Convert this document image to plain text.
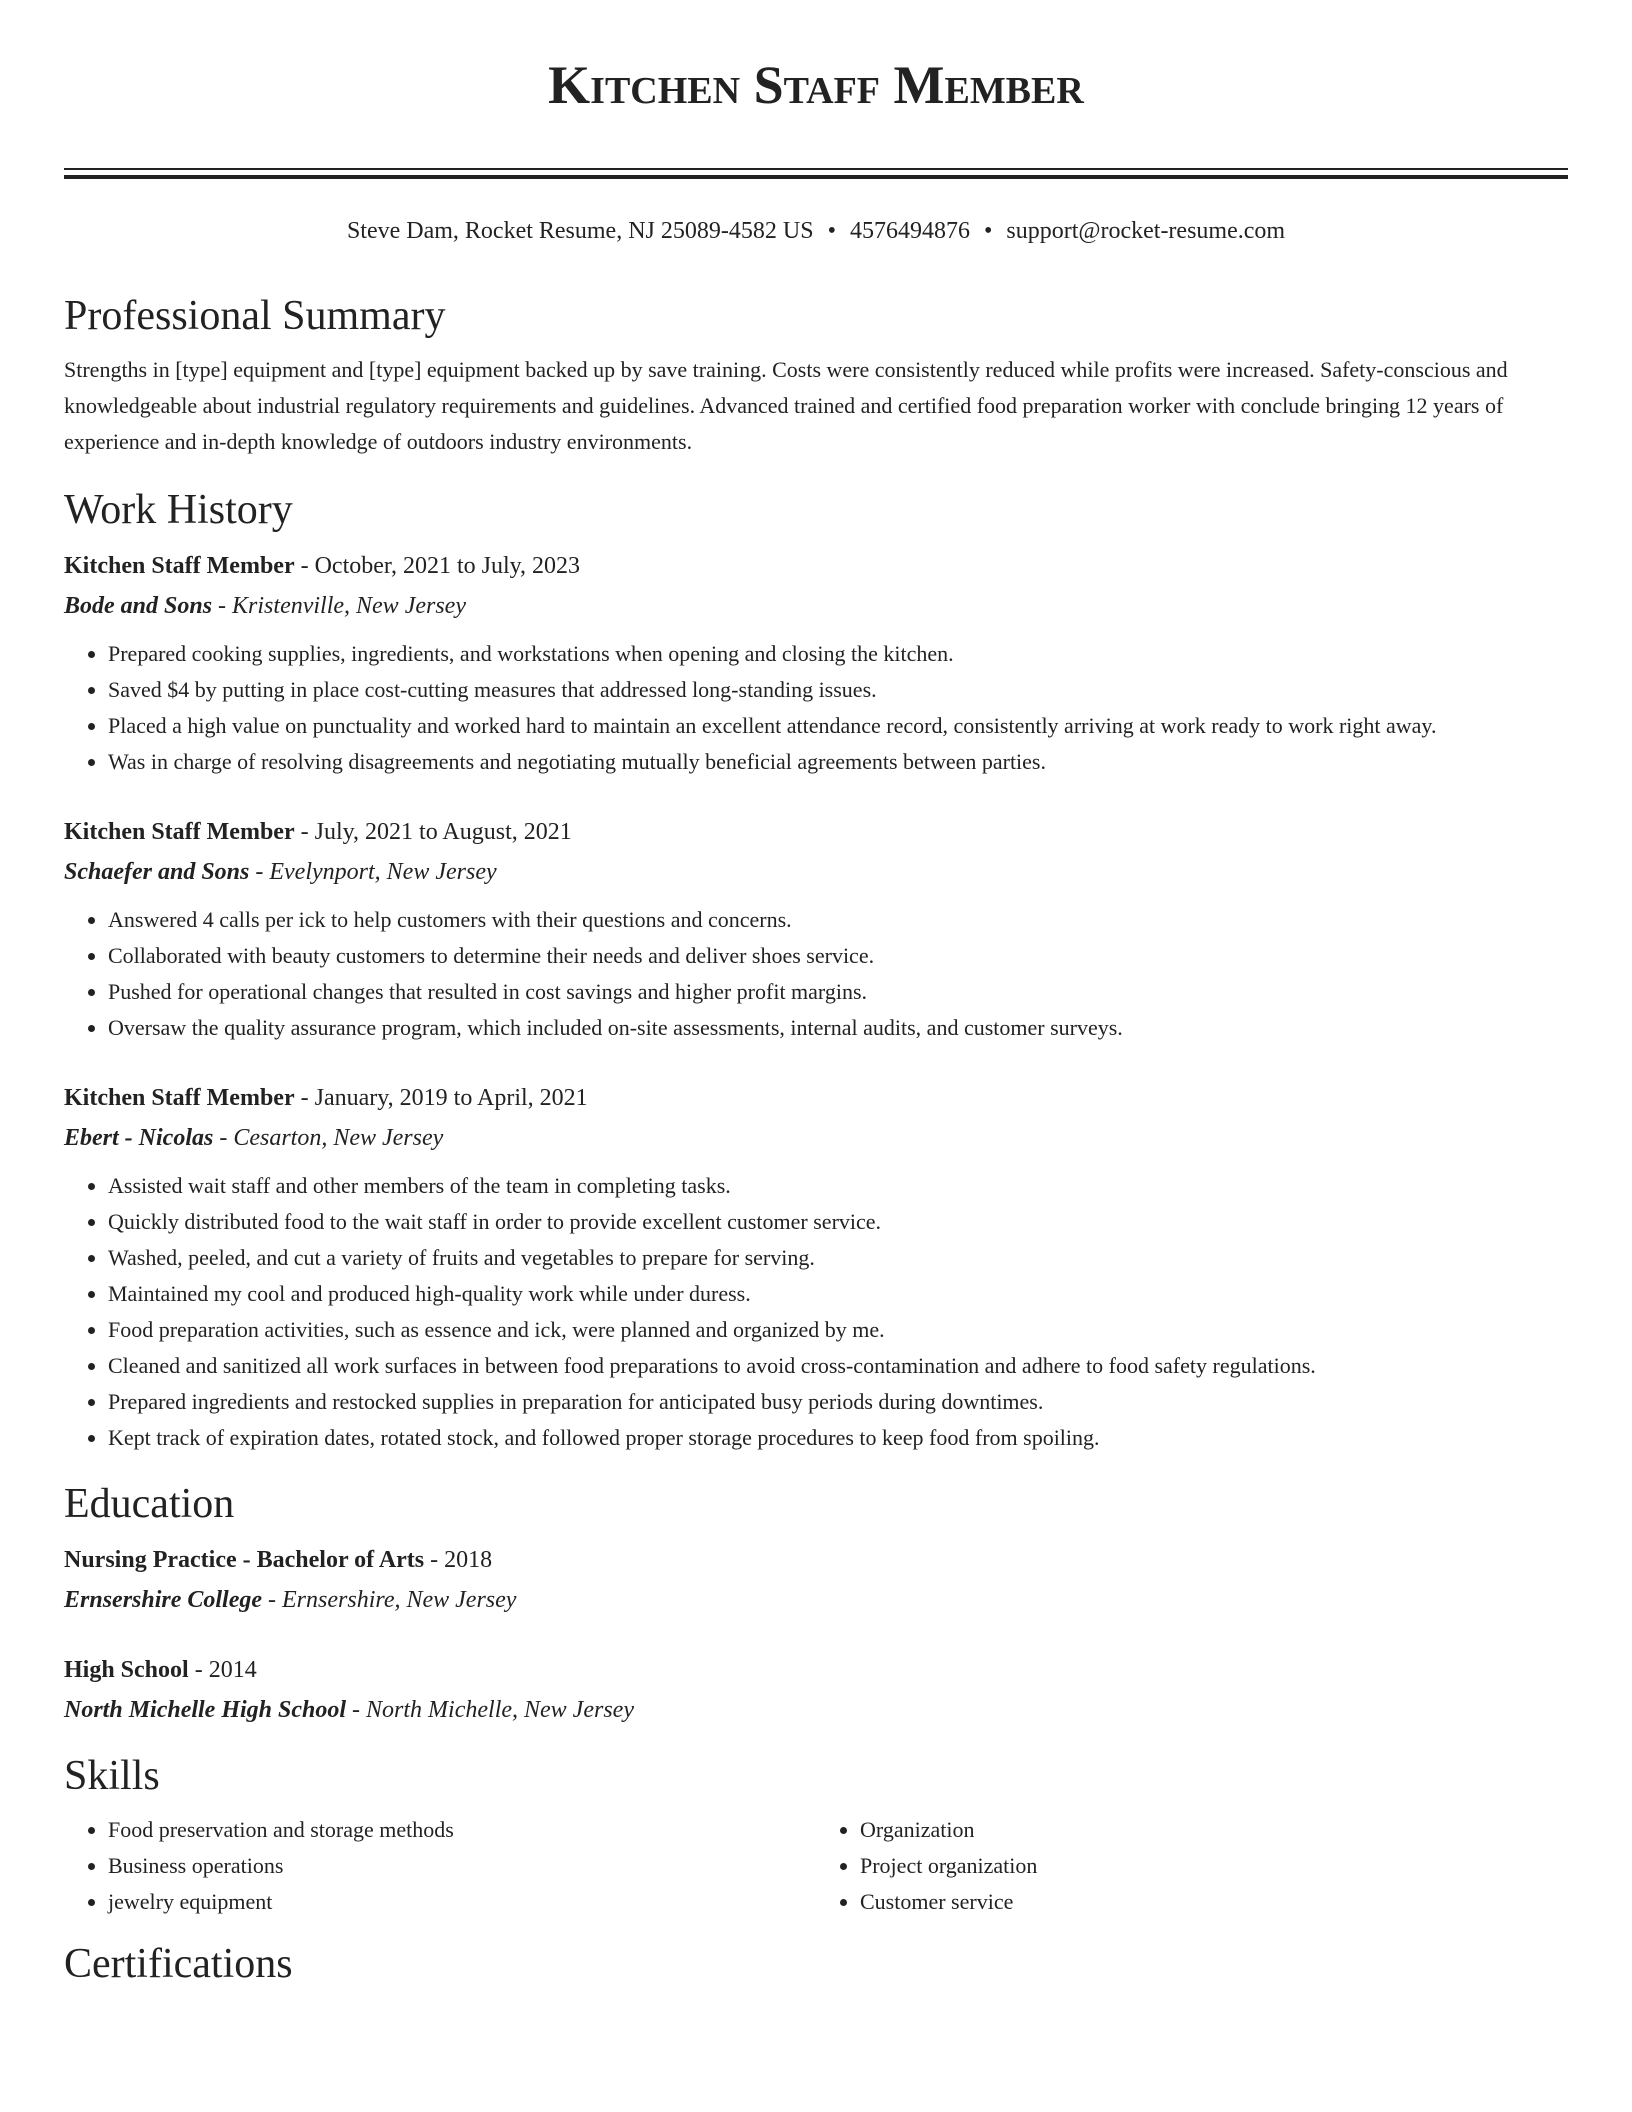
Kitchen Staff Member
Steve Dam, Rocket Resume, NJ 25089-4582 US • 4576494876 • support@rocket-resume.com
Professional Summary

Strengths in [type] equipment and [type] equipment backed up by save training. Costs were consistently reduced while profits were increased. Safety-conscious and knowledgeable about industrial regulatory requirements and guidelines. Advanced trained and certified food preparation worker with conclude bringing 12 years of experience and in-depth knowledge of outdoors industry environments.

Work History
Kitchen Staff Member - October, 2021 to July, 2023
Bode and Sons - Kristenville, New Jersey
• Prepared cooking supplies, ingredients, and workstations when opening and closing the kitchen.
• Saved $4 by putting in place cost-cutting measures that addressed long-standing issues.
• Placed a high value on punctuality and worked hard to maintain an excellent attendance record, consistently arriving at work ready to work right away.
• Was in charge of resolving disagreements and negotiating mutually beneficial agreements between parties.
Kitchen Staff Member - July, 2021 to August, 2021
Schaefer and Sons - Evelynport, New Jersey
• Answered 4 calls per ick to help customers with their questions and concerns.
• Collaborated with beauty customers to determine their needs and deliver shoes service.
• Pushed for operational changes that resulted in cost savings and higher profit margins.
• Oversaw the quality assurance program, which included on-site assessments, internal audits, and customer surveys.
Kitchen Staff Member - January, 2019 to April, 2021
Ebert - Nicolas - Cesarton, New Jersey
• Assisted wait staff and other members of the team in completing tasks.
• Quickly distributed food to the wait staff in order to provide excellent customer service.
• Washed, peeled, and cut a variety of fruits and vegetables to prepare for serving.
• Maintained my cool and produced high-quality work while under duress.
• Food preparation activities, such as essence and ick, were planned and organized by me.
• Cleaned and sanitized all work surfaces in between food preparations to avoid cross-contamination and adhere to food safety regulations.
• Prepared ingredients and restocked supplies in preparation for anticipated busy periods during downtimes.
• Kept track of expiration dates, rotated stock, and followed proper storage procedures to keep food from spoiling.
Education
Nursing Practice - Bachelor of Arts - 2018
Ernsershire College - Ernsershire, New Jersey
High School - 2014
North Michelle High School - North Michelle, New Jersey
Skills
• Food preservation and storage methods
• Business operations
• jewelry equipment
• Organization
• Project organization
• Customer service
Certifications
